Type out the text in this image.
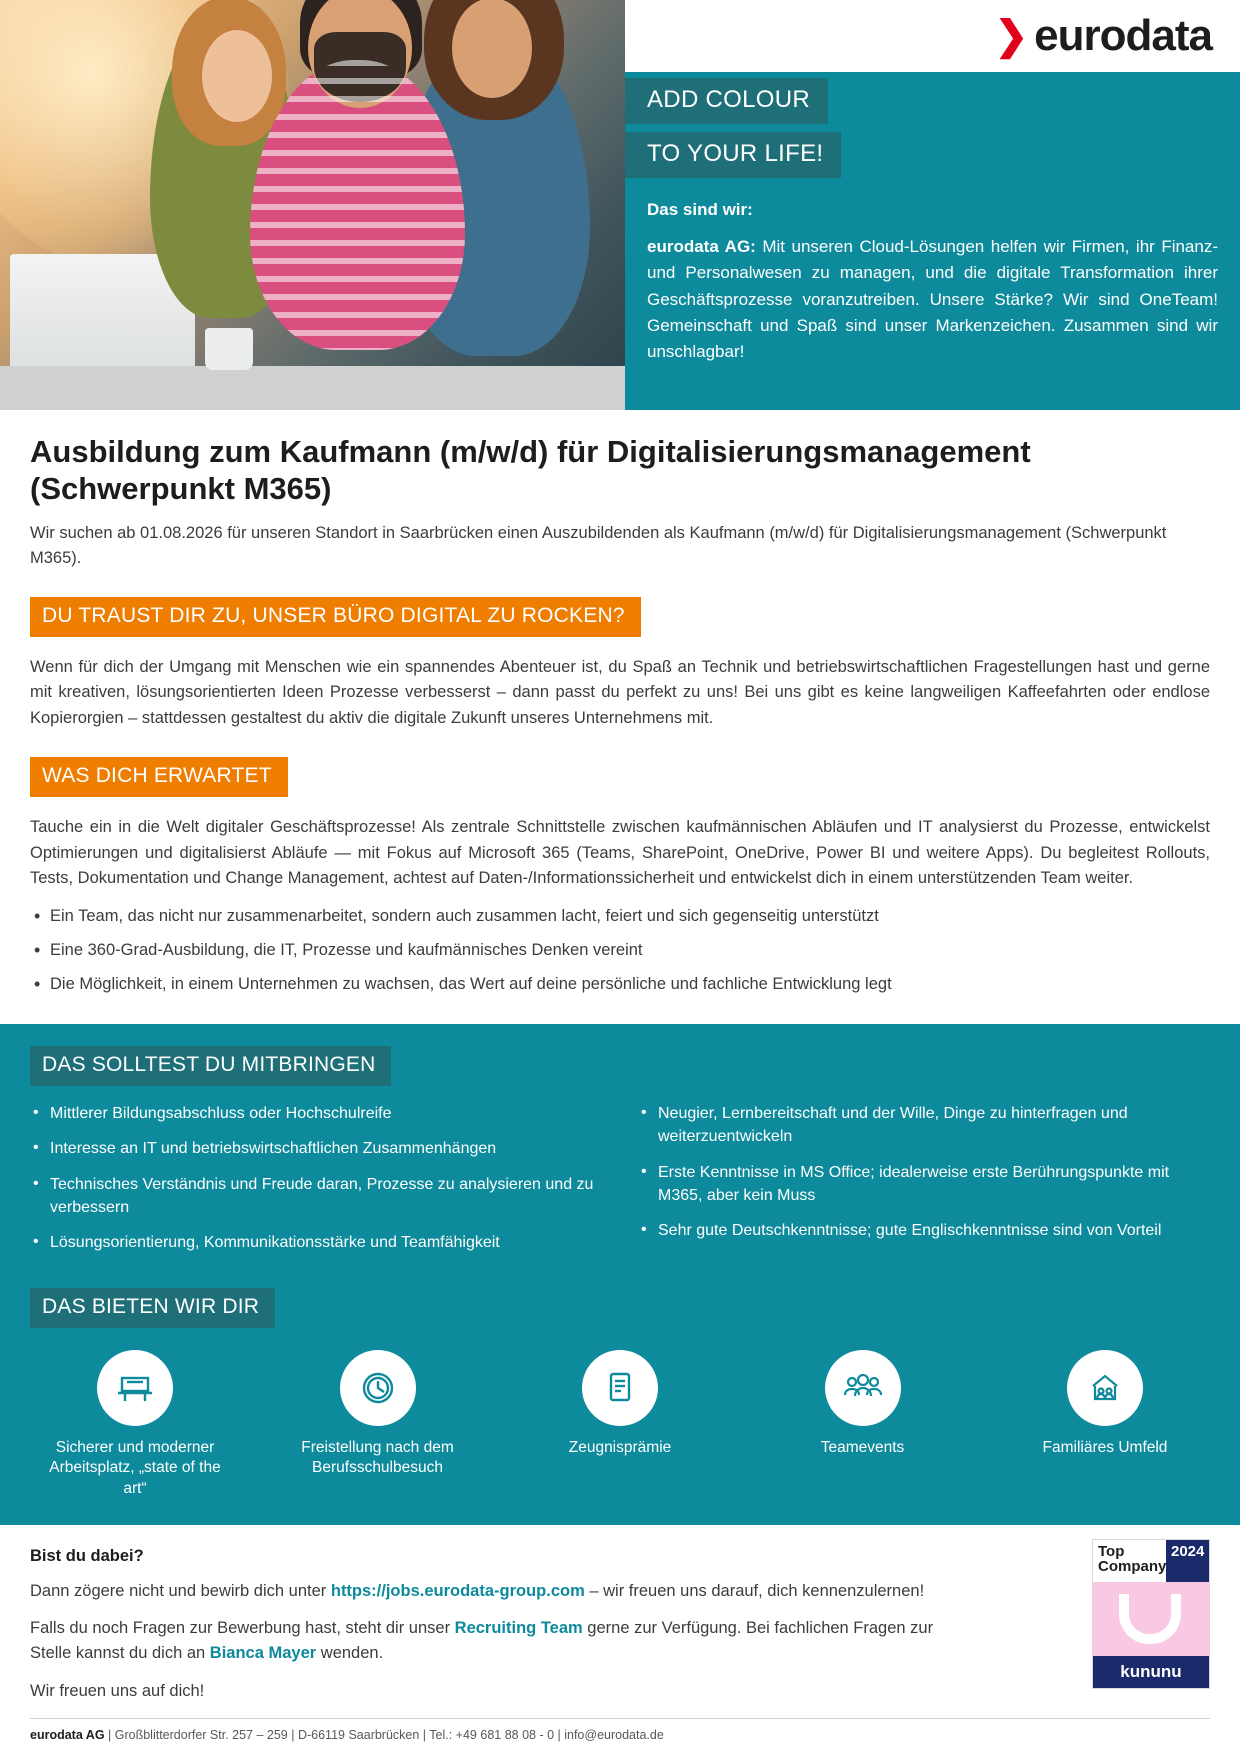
❯ eurodata
ADD COLOUR
TO YOUR LIFE!
Das sind wir:
eurodata AG: Mit unseren Cloud-Lösungen helfen wir Firmen, ihr Finanz- und Personalwesen zu managen, und die digitale Transformation ihrer Geschäftsprozesse voranzutreiben. Unsere Stärke? Wir sind OneTeam! Gemeinschaft und Spaß sind unser Markenzeichen. Zusammen sind wir unschlagbar!
Ausbildung zum Kaufmann (m/w/d) für Digitalisierungsmanagement (Schwerpunkt M365)

Wir suchen ab 01.08.2026 für unseren Standort in Saarbrücken einen Auszubildenden als Kaufmann (m/w/d) für Digitalisierungsmanagement (Schwerpunkt M365).

DU TRAUST DIR ZU, UNSER BÜRO DIGITAL ZU ROCKEN?

Wenn für dich der Umgang mit Menschen wie ein spannendes Abenteuer ist, du Spaß an Technik und betriebswirtschaftlichen Fragestellungen hast und gerne mit kreativen, lösungsorientierten Ideen Prozesse verbesserst – dann passt du perfekt zu uns! Bei uns gibt es keine langweiligen Kaffeefahrten oder endlose Kopierorgien – stattdessen gestaltest du aktiv die digitale Zukunft unseres Unternehmens mit.

WAS DICH ERWARTET

Tauche ein in die Welt digitaler Geschäftsprozesse! Als zentrale Schnittstelle zwischen kaufmännischen Abläufen und IT analysierst du Prozesse, entwickelst Optimierungen und digitalisierst Abläufe — mit Fokus auf Microsoft 365 (Teams, SharePoint, OneDrive, Power BI und weitere Apps). Du begleitest Rollouts, Tests, Dokumentation und Change Management, achtest auf Daten-/Informationssicherheit und entwickelst dich in einem unterstützenden Team weiter.

• Ein Team, das nicht nur zusammenarbeitet, sondern auch zusammen lacht, feiert und sich gegenseitig unterstützt
• Eine 360-Grad-Ausbildung, die IT, Prozesse und kaufmännisches Denken vereint
• Die Möglichkeit, in einem Unternehmen zu wachsen, das Wert auf deine persönliche und fachliche Entwicklung legt
DAS SOLLTEST DU MITBRINGEN
• Mittlerer Bildungsabschluss oder Hochschulreife
• Interesse an IT und betriebswirtschaftlichen Zusammenhängen
• Technisches Verständnis und Freude daran, Prozesse zu analysieren und zu verbessern
• Lösungsorientierung, Kommunikationsstärke und Teamfähigkeit
• Neugier, Lernbereitschaft und der Wille, Dinge zu hinterfragen und weiterzuentwickeln
• Erste Kenntnisse in MS Office; idealerweise erste Berührungspunkte mit M365, aber kein Muss
• Sehr gute Deutschkenntnisse; gute Englischkenntnisse sind von Vorteil
DAS BIETEN WIR DIR
Sicherer und moderner Arbeitsplatz, „state of the art“
Freistellung nach dem Berufsschulbesuch
Zeugnisprämie	Teamevents	Familiäres Umfeld
Bist du dabei?

Dann zögere nicht und bewirb dich unter https://jobs.eurodata-group.com – wir freuen uns darauf, dich kennenzulernen!

Falls du noch Fragen zur Bewerbung hast, steht dir unser Recruiting Team gerne zur Verfügung. Bei fachlichen Fragen zur Stelle kannst du dich an Bianca Mayer wenden.

Wir freuen uns auf dich!

Top
Company
2024
kununu
eurodata AG | Großblitterdorfer Str. 257 – 259 | D-66119 Saarbrücken | Tel.: +49 681 88 08 - 0 | info@eurodata.de
